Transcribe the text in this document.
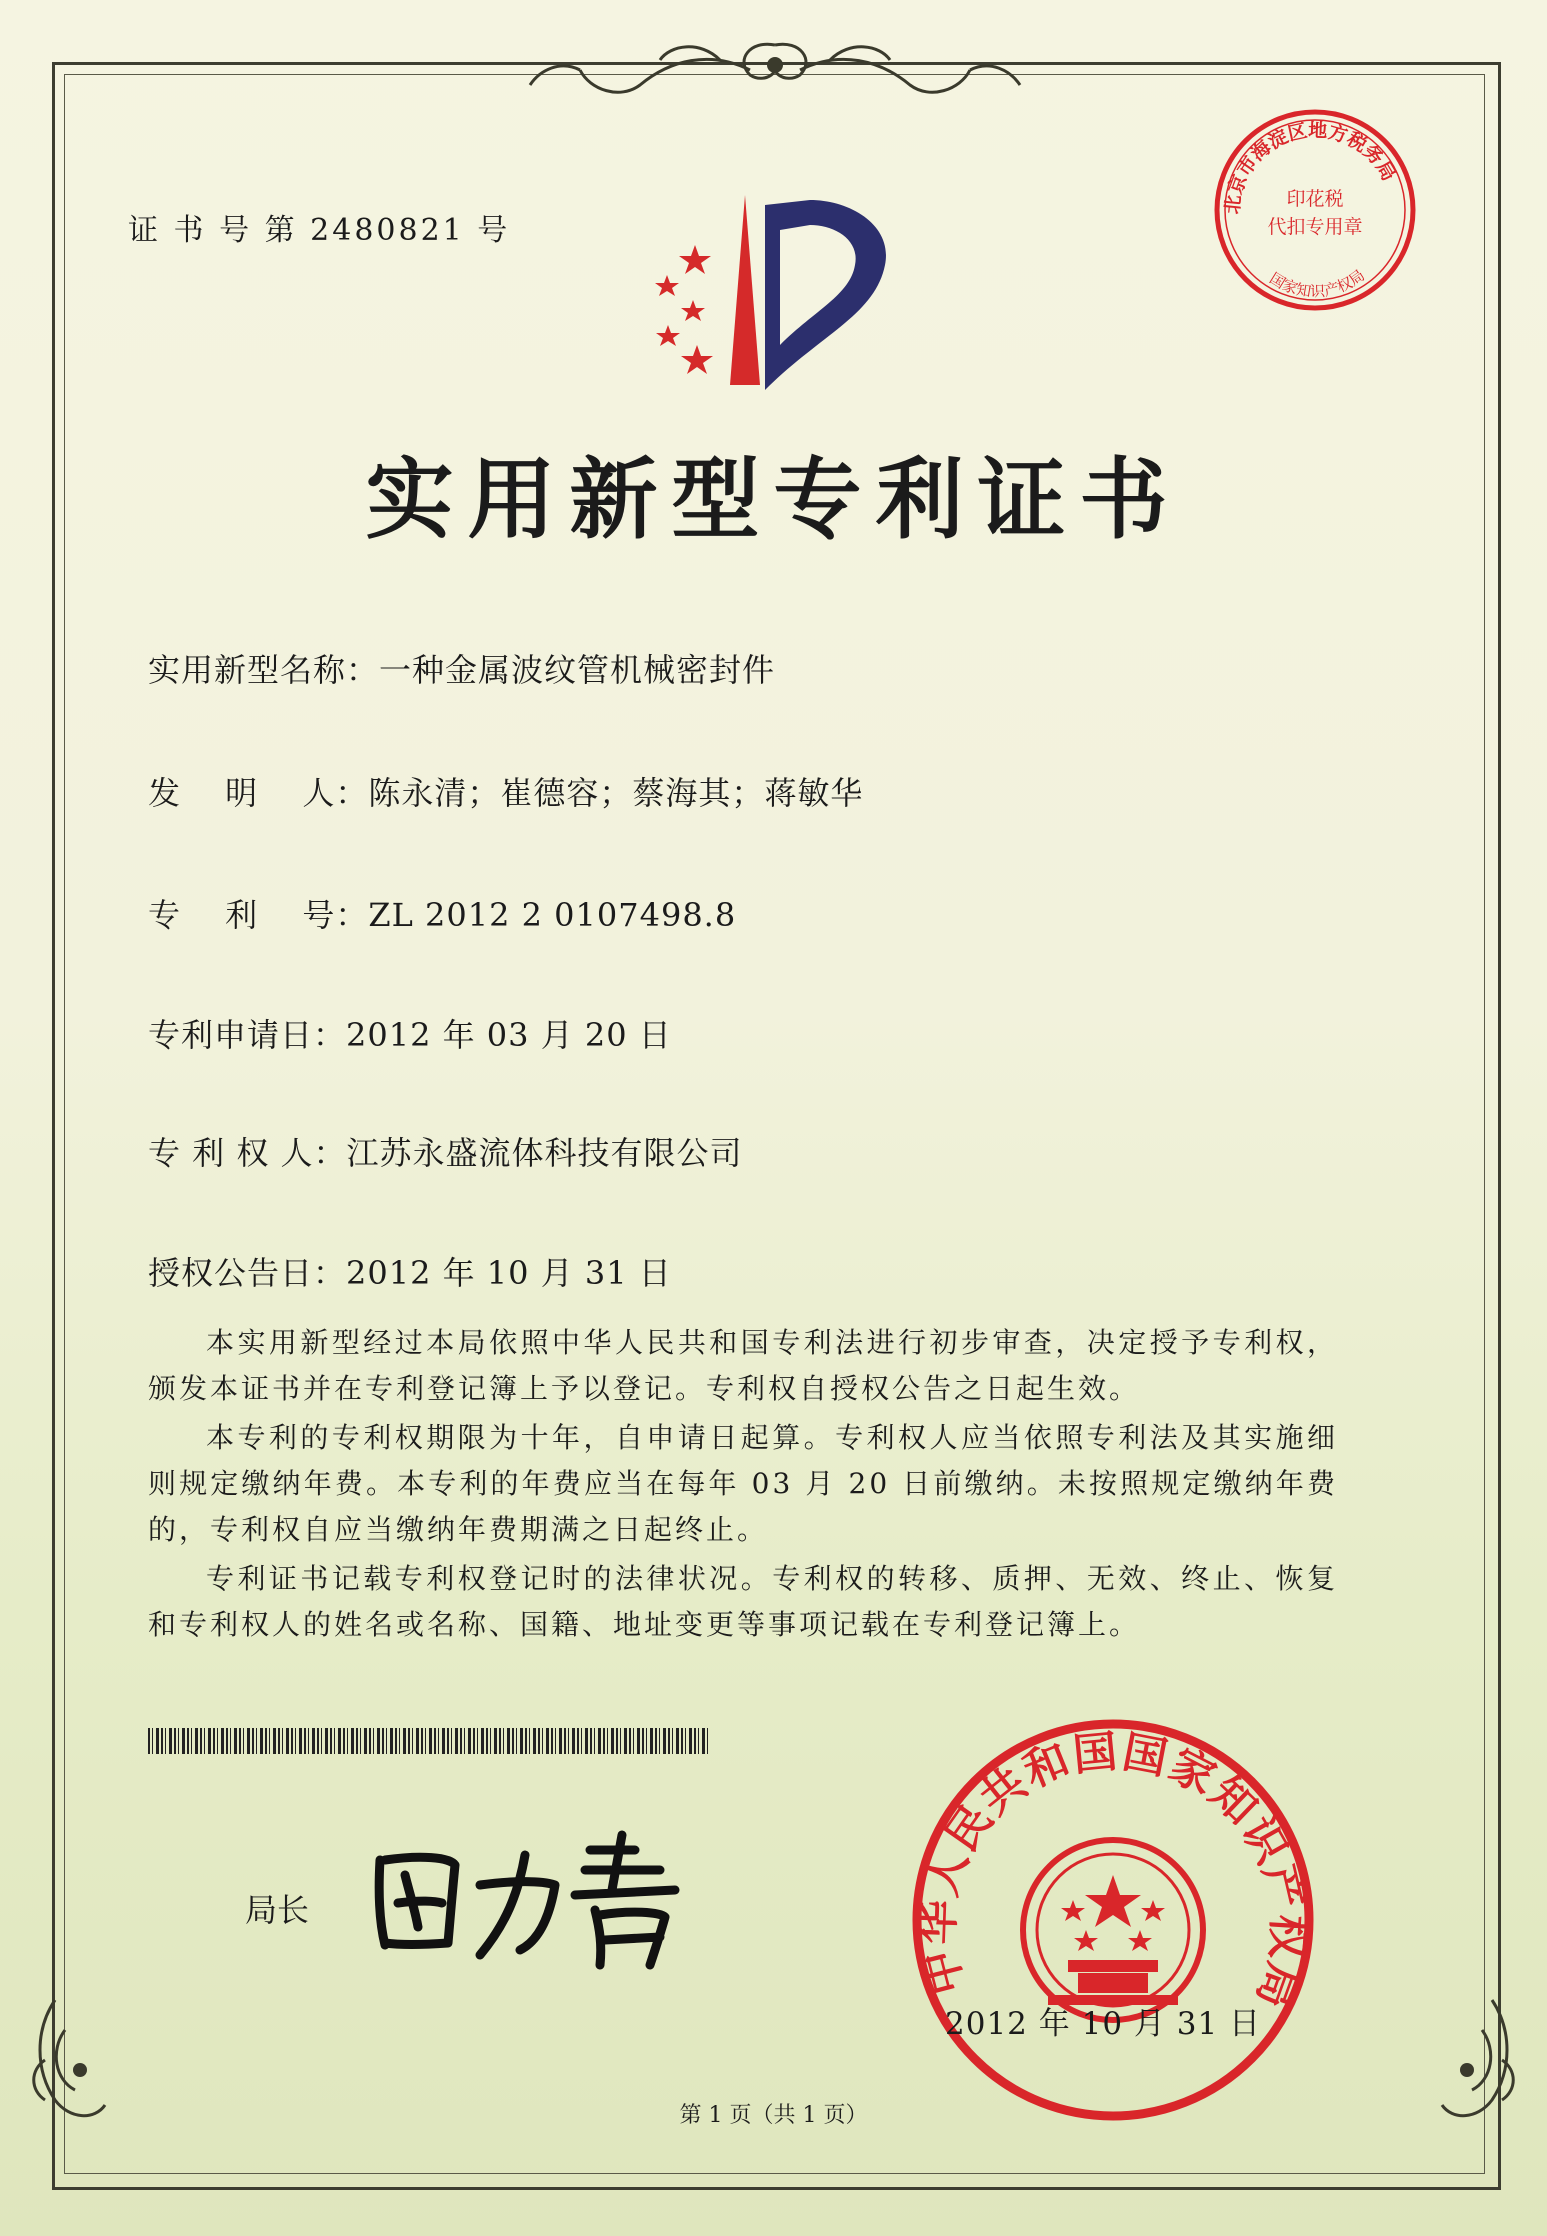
证 书 号 第 2480821 号
北京市海淀区地方税务局
国家知识产权局
印花税
代扣专用章
实用新型专利证书
实用新型名称：一种金属波纹管机械密封件
发　 明　 人：陈永清；崔德容；蔡海其；蒋敏华
专　 利　 号：ZL 2012 2 0107498.8
专利申请日：2012 年 03 月 20 日
专 利 权 人：江苏永盛流体科技有限公司
授权公告日：2012 年 10 月 31 日

本实用新型经过本局依照中华人民共和国专利法进行初步审查，决定授予专利权，颁发本证书并在专利登记簿上予以登记。专利权自授权公告之日起生效。

本专利的专利权期限为十年，自申请日起算。专利权人应当依照专利法及其实施细则规定缴纳年费。本专利的年费应当在每年 03 月 20 日前缴纳。未按照规定缴纳年费的，专利权自应当缴纳年费期满之日起终止。

专利证书记载专利权登记时的法律状况。专利权的转移、质押、无效、终止、恢复和专利权人的姓名或名称、国籍、地址变更等事项记载在专利登记簿上。

局长
中华人民共和国国家知识产权局
2012 年 10 月 31 日
第 1 页（共 1 页）
